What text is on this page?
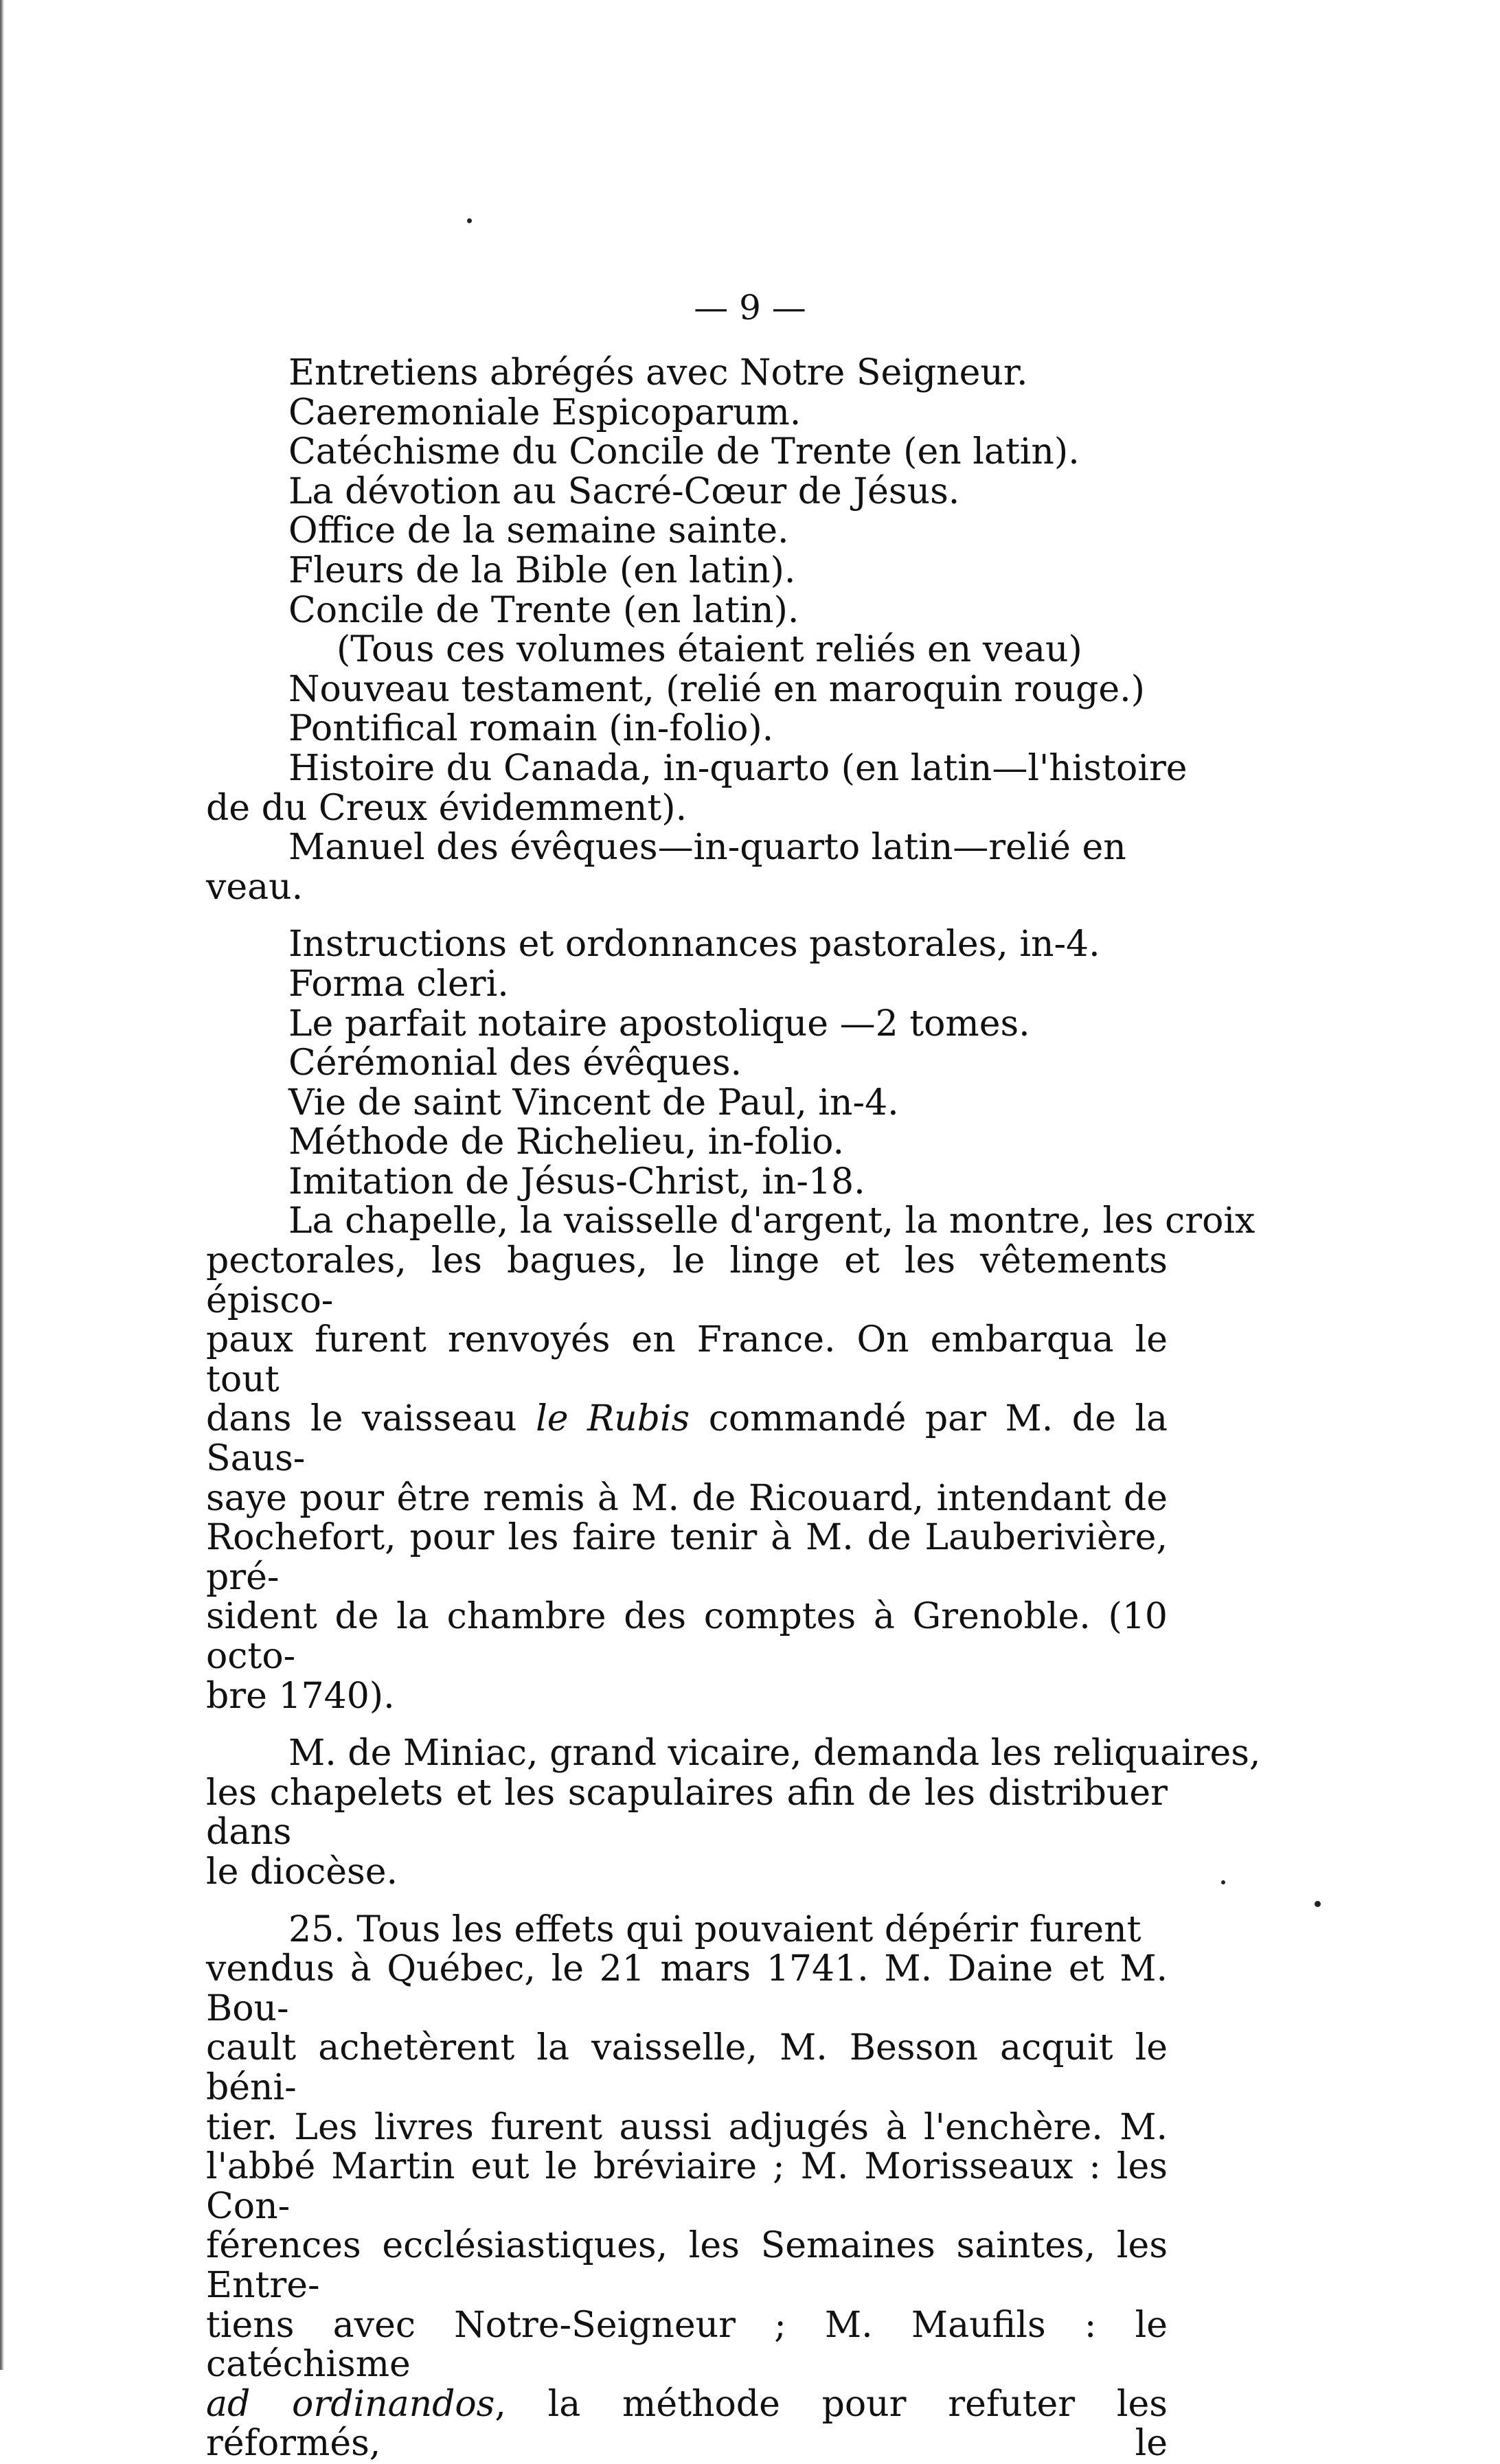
— 9 —
Entretiens abrégés avec Notre Seigneur.
Caeremoniale Espicoparum.
Catéchisme du Concile de Trente (en latin).
La dévotion au Sacré-Cœur de Jésus.
Office de la semaine sainte.
Fleurs de la Bible (en latin).
Concile de Trente (en latin).
(Tous ces volumes étaient reliés en veau)
Nouveau testament, (relié en maroquin rouge.)
Pontifical romain (in-folio).
Histoire du Canada, in-quarto (en latin—l'histoire
de du Creux évidemment).
Manuel des évêques—in-quarto latin—relié en
veau.
Instructions et ordonnances pastorales, in-4.
Forma cleri.
Le parfait notaire apostolique —2 tomes.
Cérémonial des évêques.
Vie de saint Vincent de Paul, in-4.
Méthode de Richelieu, in-folio.
Imitation de Jésus-Christ, in-18.
La chapelle, la vaisselle d'argent, la montre, les croix
pectorales, les bagues, le linge et les vêtements épisco-
paux furent renvoyés en France. On embarqua le tout
dans le vaisseau le Rubis commandé par M. de la Saus-
saye pour être remis à M. de Ricouard, intendant de
Rochefort, pour les faire tenir à M. de Lauberivière, pré-
sident de la chambre des comptes à Grenoble. (10 octo-
bre 1740).
M. de Miniac, grand vicaire, demanda les reliquaires,
les chapelets et les scapulaires afin de les distribuer dans
le diocèse.
25. Tous les effets qui pouvaient dépérir furent
vendus à Québec, le 21 mars 1741. M. Daine et M. Bou-
cault achetèrent la vaisselle, M. Besson acquit le béni-
tier. Les livres furent aussi adjugés à l'enchère. M.
l'abbé Martin eut le bréviaire ; M. Morisseaux : les Con-
férences ecclésiastiques, les Semaines saintes, les Entre-
tiens avec Notre-Seigneur ; M. Maufils : le catéchisme
ad ordinandos, la méthode pour refuter les réformés, le
